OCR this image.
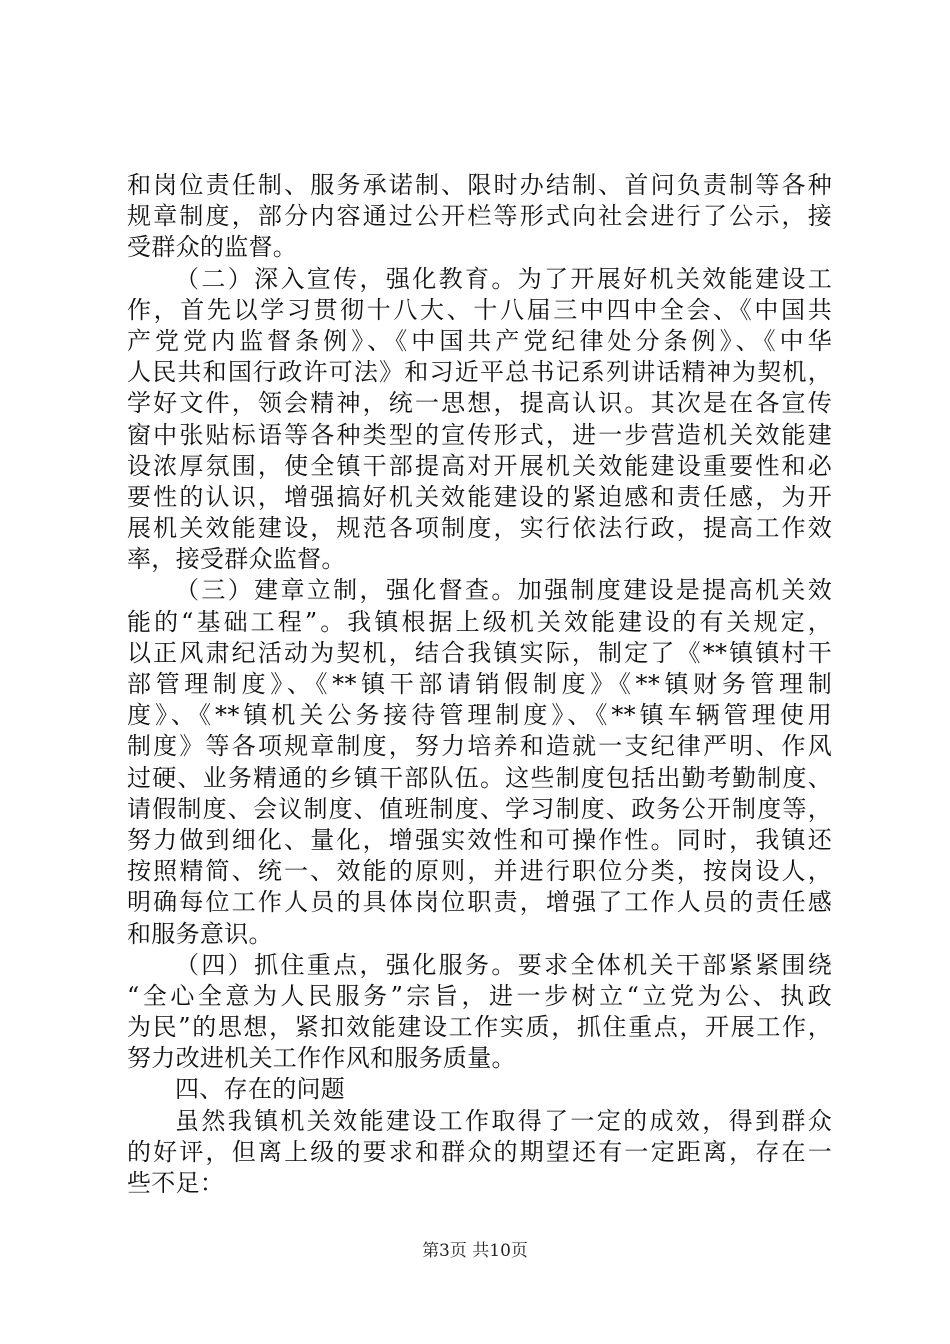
和岗位责任制、服务承诺制、限时办结制、首问负责制等各种
规章制度，部分内容通过公开栏等形式向社会进行了公示，接
受群众的监督。
（二）深入宣传，强化教育。为了开展好机关效能建设工
作，首先以学习贯彻十八大、十八届三中四中全会、《中国共
产党党内监督条例》、《中国共产党纪律处分条例》、《中华
人民共和国行政许可法》和习近平总书记系列讲话精神为契机，
学好文件，领会精神，统一思想，提高认识。其次是在各宣传
窗中张贴标语等各种类型的宣传形式，进一步营造机关效能建
设浓厚氛围，使全镇干部提高对开展机关效能建设重要性和必
要性的认识，增强搞好机关效能建设的紧迫感和责任感，为开
展机关效能建设，规范各项制度，实行依法行政，提高工作效
率，接受群众监督。
（三）建章立制，强化督查。加强制度建设是提高机关效
能的“基础工程”。我镇根据上级机关效能建设的有关规定，
以正风肃纪活动为契机，结合我镇实际，制定了《**镇镇村干
部管理制度》、《**镇干部请销假制度》《**镇财务管理制
度》、《**镇机关公务接待管理制度》、《**镇车辆管理使用
制度》等各项规章制度，努力培养和造就一支纪律严明、作风
过硬、业务精通的乡镇干部队伍。这些制度包括出勤考勤制度、
请假制度、会议制度、值班制度、学习制度、政务公开制度等，
努力做到细化、量化，增强实效性和可操作性。同时，我镇还
按照精简、统一、效能的原则，并进行职位分类，按岗设人，
明确每位工作人员的具体岗位职责，增强了工作人员的责任感
和服务意识。
（四）抓住重点，强化服务。要求全体机关干部紧紧围绕
“全心全意为人民服务”宗旨，进一步树立“立党为公、执政
为民”的思想，紧扣效能建设工作实质，抓住重点，开展工作，
努力改进机关工作作风和服务质量。
四、存在的问题
虽然我镇机关效能建设工作取得了一定的成效，得到群众
的好评，但离上级的要求和群众的期望还有一定距离，存在一
些不足：
第3页 共10页
